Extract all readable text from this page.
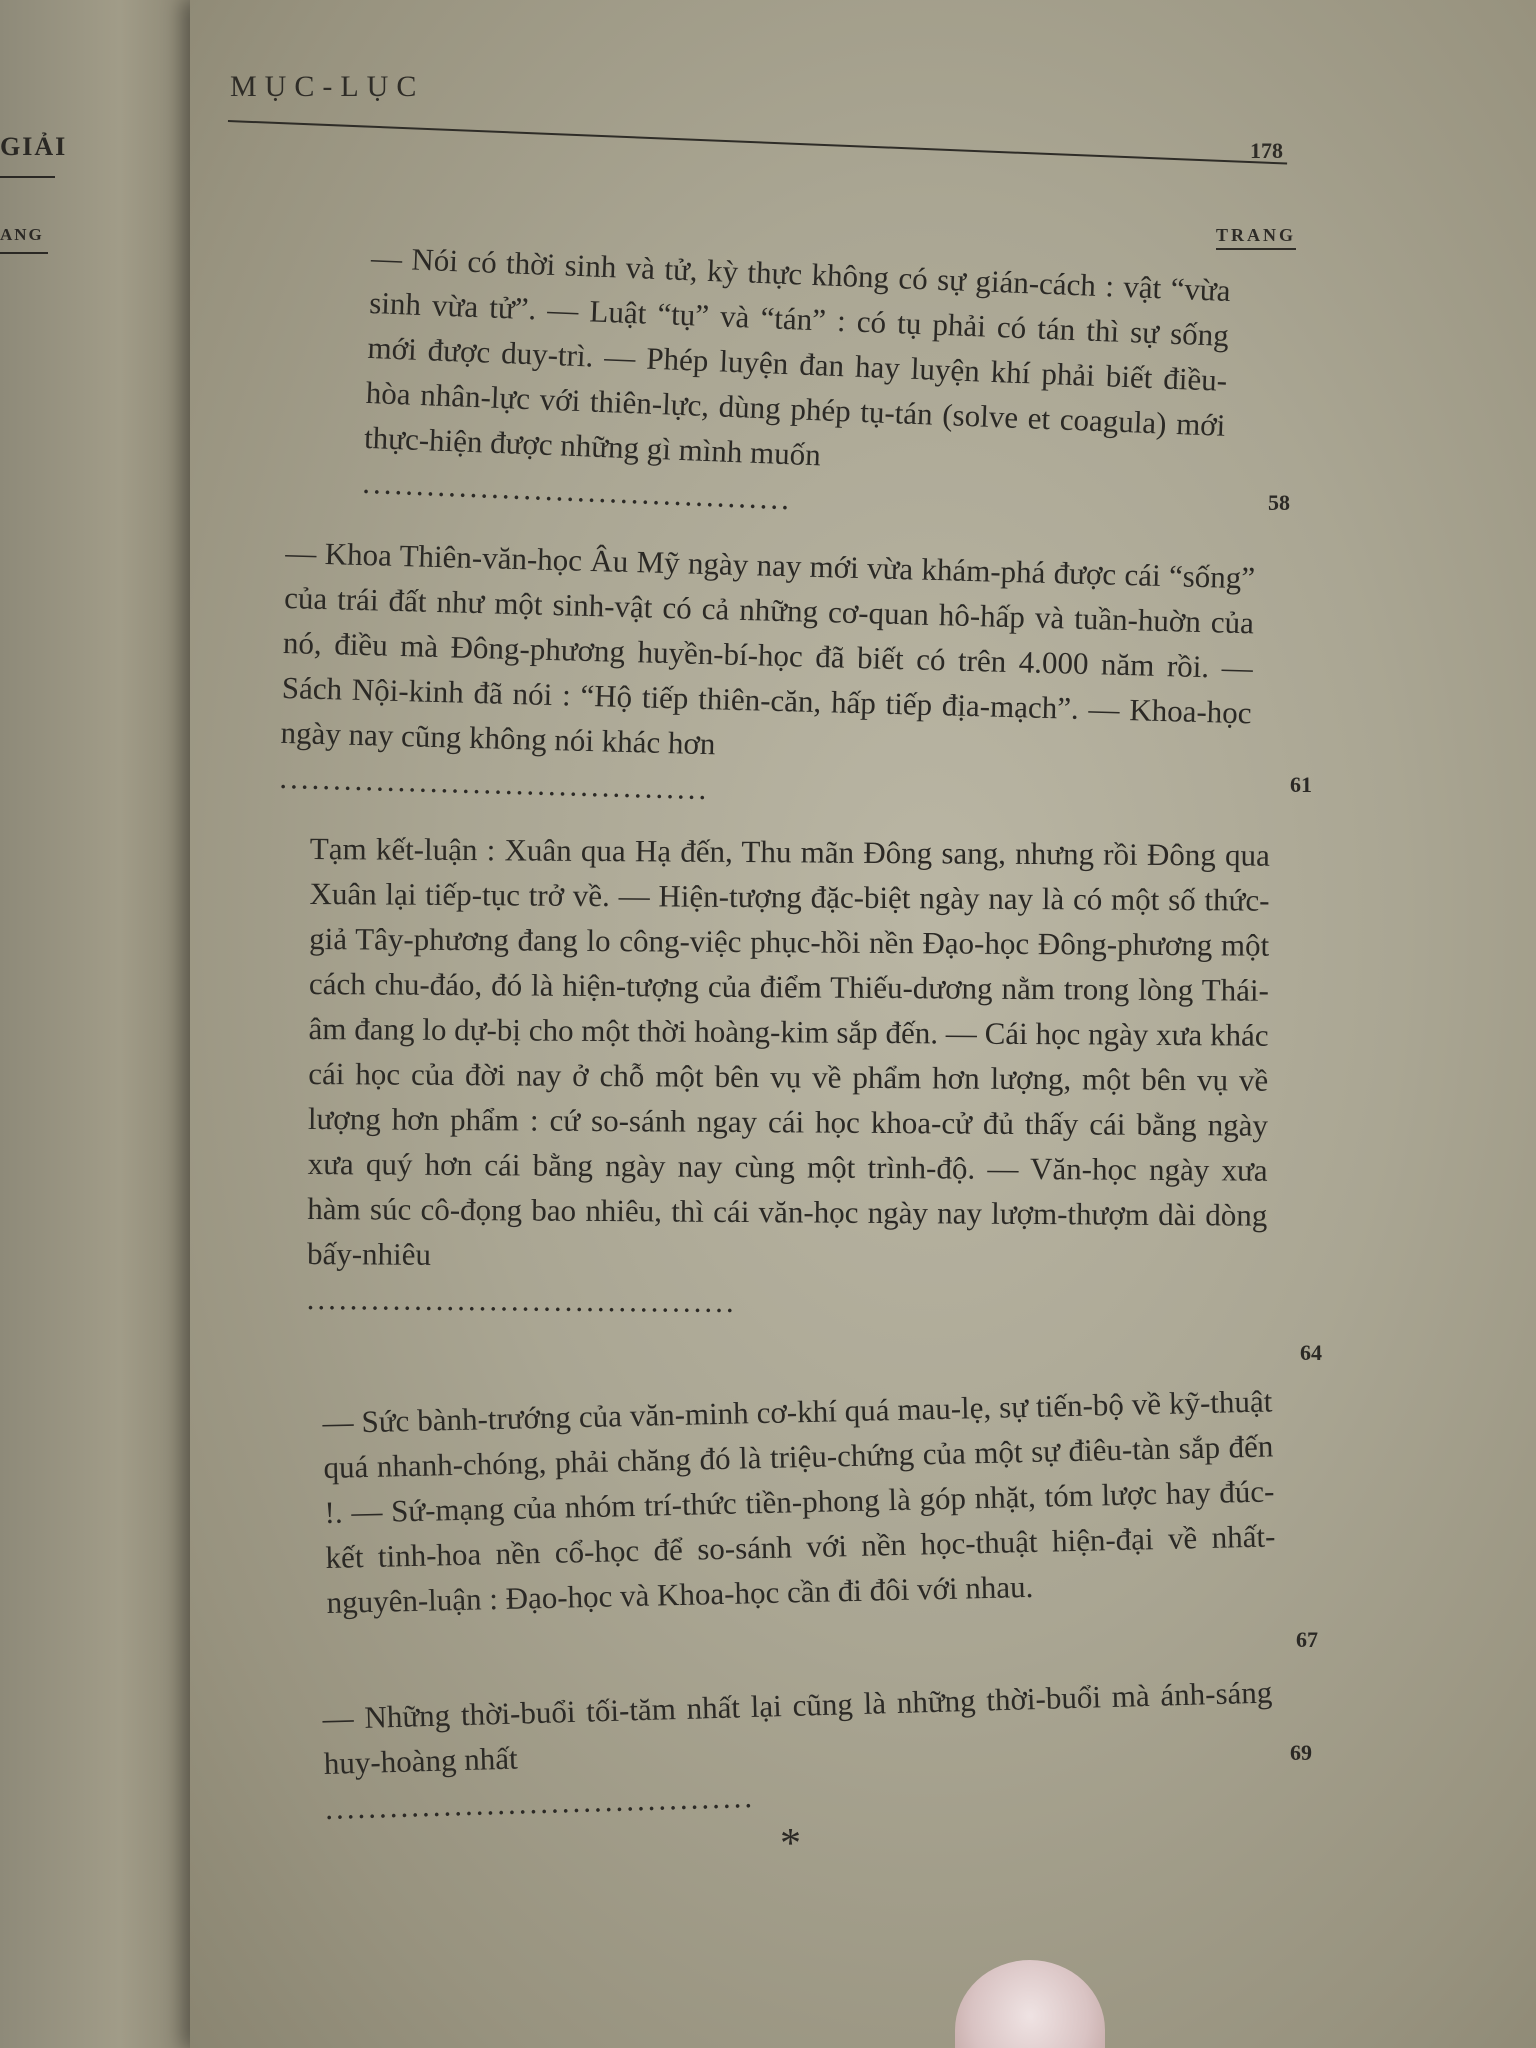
GIẢI
ANG
MỤC-LỤC
178
TRANG
— Nói có thời sinh và tử, kỳ thực không có sự gián-cách : vật “vừa sinh vừa tử”. — Luật “tụ” và “tán” : có tụ phải có tán thì sự sống mới được duy-trì. — Phép luyện đan hay luyện khí phải biết điều-hòa nhân-lực với thiên-lực, dùng phép tụ-tán (solve et coagula) mới thực-hiện được những gì mình muốn
........................................	58
— Khoa Thiên-văn-học Âu Mỹ ngày nay mới vừa khám-phá được cái “sống” của trái đất như một sinh-vật có cả những cơ-quan hô-hấp và tuần-huờn của nó, điều mà Đông-phương huyền-bí-học đã biết có trên 4.000 năm rồi. — Sách Nội-kinh đã nói : “Hộ tiếp thiên-căn, hấp tiếp địa-mạch”. — Khoa-học ngày nay cũng không nói khác hơn
........................................	61
Tạm kết-luận : Xuân qua Hạ đến, Thu mãn Đông sang, nhưng rồi Đông qua Xuân lại tiếp-tục trở về. — Hiện-tượng đặc-biệt ngày nay là có một số thức-giả Tây-phương đang lo công-việc phục-hồi nền Đạo-học Đông-phương một cách chu-đáo, đó là hiện-tượng của điểm Thiếu-dương nằm trong lòng Thái-âm đang lo dự-bị cho một thời hoàng-kim sắp đến. — Cái học ngày xưa khác cái học của đời nay ở chỗ một bên vụ về phẩm hơn lượng, một bên vụ về lượng hơn phẩm : cứ so-sánh ngay cái học khoa-cử đủ thấy cái bằng ngày xưa quý hơn cái bằng ngày nay cùng một trình-độ. — Văn-học ngày xưa hàm súc cô-đọng bao nhiêu, thì cái văn-học ngày nay lượm-thượm dài dòng bấy-nhiêu
........................................
64
— Sức bành-trướng của văn-minh cơ-khí quá mau-lẹ, sự tiến-bộ về kỹ-thuật quá nhanh-chóng, phải chăng đó là triệu-chứng của một sự điêu-tàn sắp đến !. — Sứ-mạng của nhóm trí-thức tiền-phong là góp nhặt, tóm lược hay đúc-kết tinh-hoa nền cổ-học để so-sánh với nền học-thuật hiện-đại về nhất-nguyên-luận : Đạo-học và Khoa-học cần đi đôi với nhau.
67
— Những thời-buổi tối-tăm nhất lại cũng là những thời-buổi mà ánh-sáng huy-hoàng nhất
........................................
69
*
